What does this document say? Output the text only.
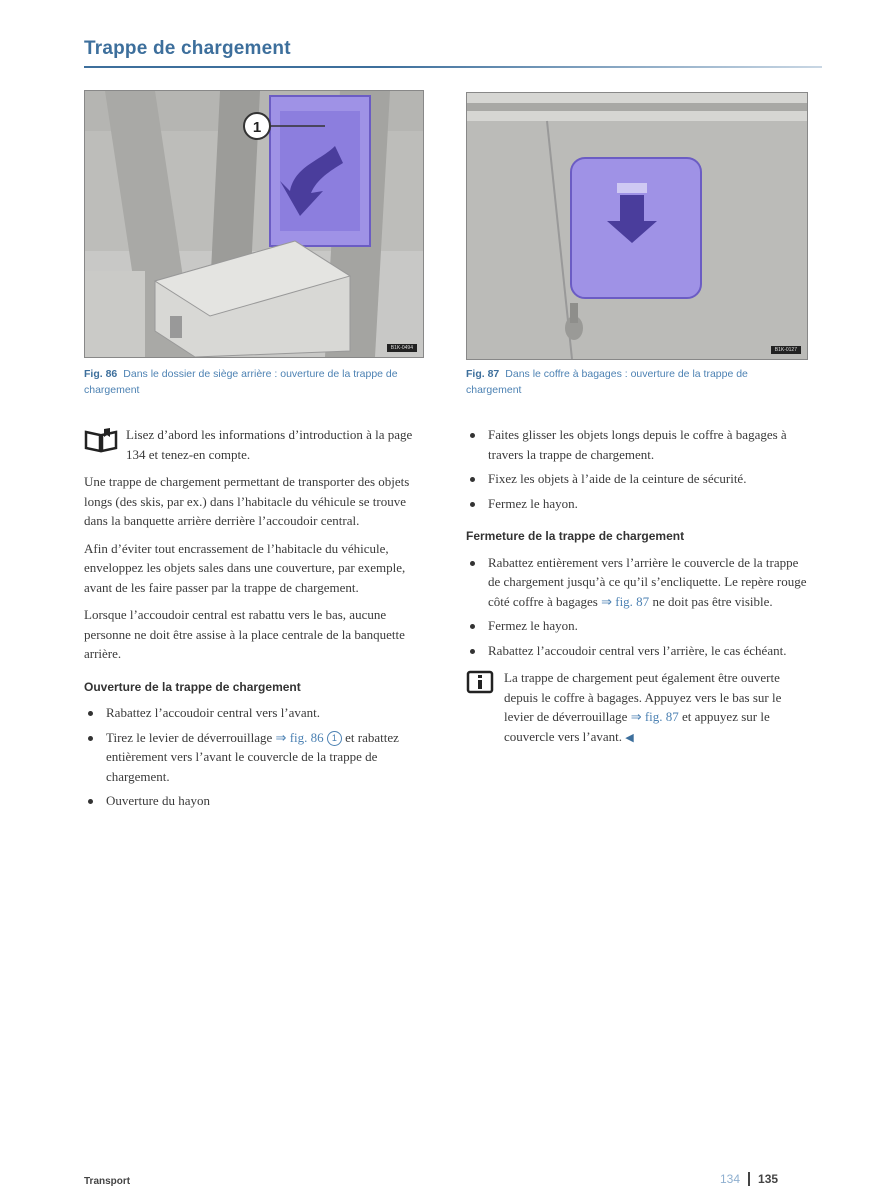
Trappe de chargement
1
B1K-0494
Fig. 86 Dans le dossier de siège arrière : ouverture de la trappe de chargement
B1K-0127
Fig. 87 Dans le coffre à bagages : ouverture de la trappe de chargement
Lisez d’abord les informations d’introduction à la page 134 et tenez-en compte.

Une trappe de chargement permettant de transporter des objets longs (des skis, par ex.) dans l’habitacle du véhicule se trouve dans la banquette arrière derrière l’accoudoir central.

Afin d’éviter tout encrassement de l’habitacle du véhicule, enveloppez les objets sales dans une couverture, par exemple, avant de les faire passer par la trappe de chargement.

Lorsque l’accoudoir central est rabattu vers le bas, aucune personne ne doit être assise à la place centrale de la banquette arrière.

Ouverture de la trappe de chargement
Rabattez l’accoudoir central vers l’avant.
Tirez le levier de déverrouillage ⇒ fig. 86 1 et rabattez entièrement vers l’avant le couvercle de la trappe de chargement.
Ouverture du hayon
Faites glisser les objets longs depuis le coffre à bagages à travers la trappe de chargement.
Fixez les objets à l’aide de la ceinture de sécurité.
Fermez le hayon.
Fermeture de la trappe de chargement
Rabattez entièrement vers l’arrière le couvercle de la trappe de chargement jusqu’à ce qu’il s’encliquette. Le repère rouge côté coffre à bagages ⇒ fig. 87 ne doit pas être visible.
Fermez le hayon.
Rabattez l’accoudoir central vers l’arrière, le cas échéant.
La trappe de chargement peut également être ouverte depuis le coffre à bagages. Appuyez vers le bas sur le levier de déverrouillage ⇒ fig. 87 et appuyez sur le couvercle vers l’avant. ◀
Transport	134 135
